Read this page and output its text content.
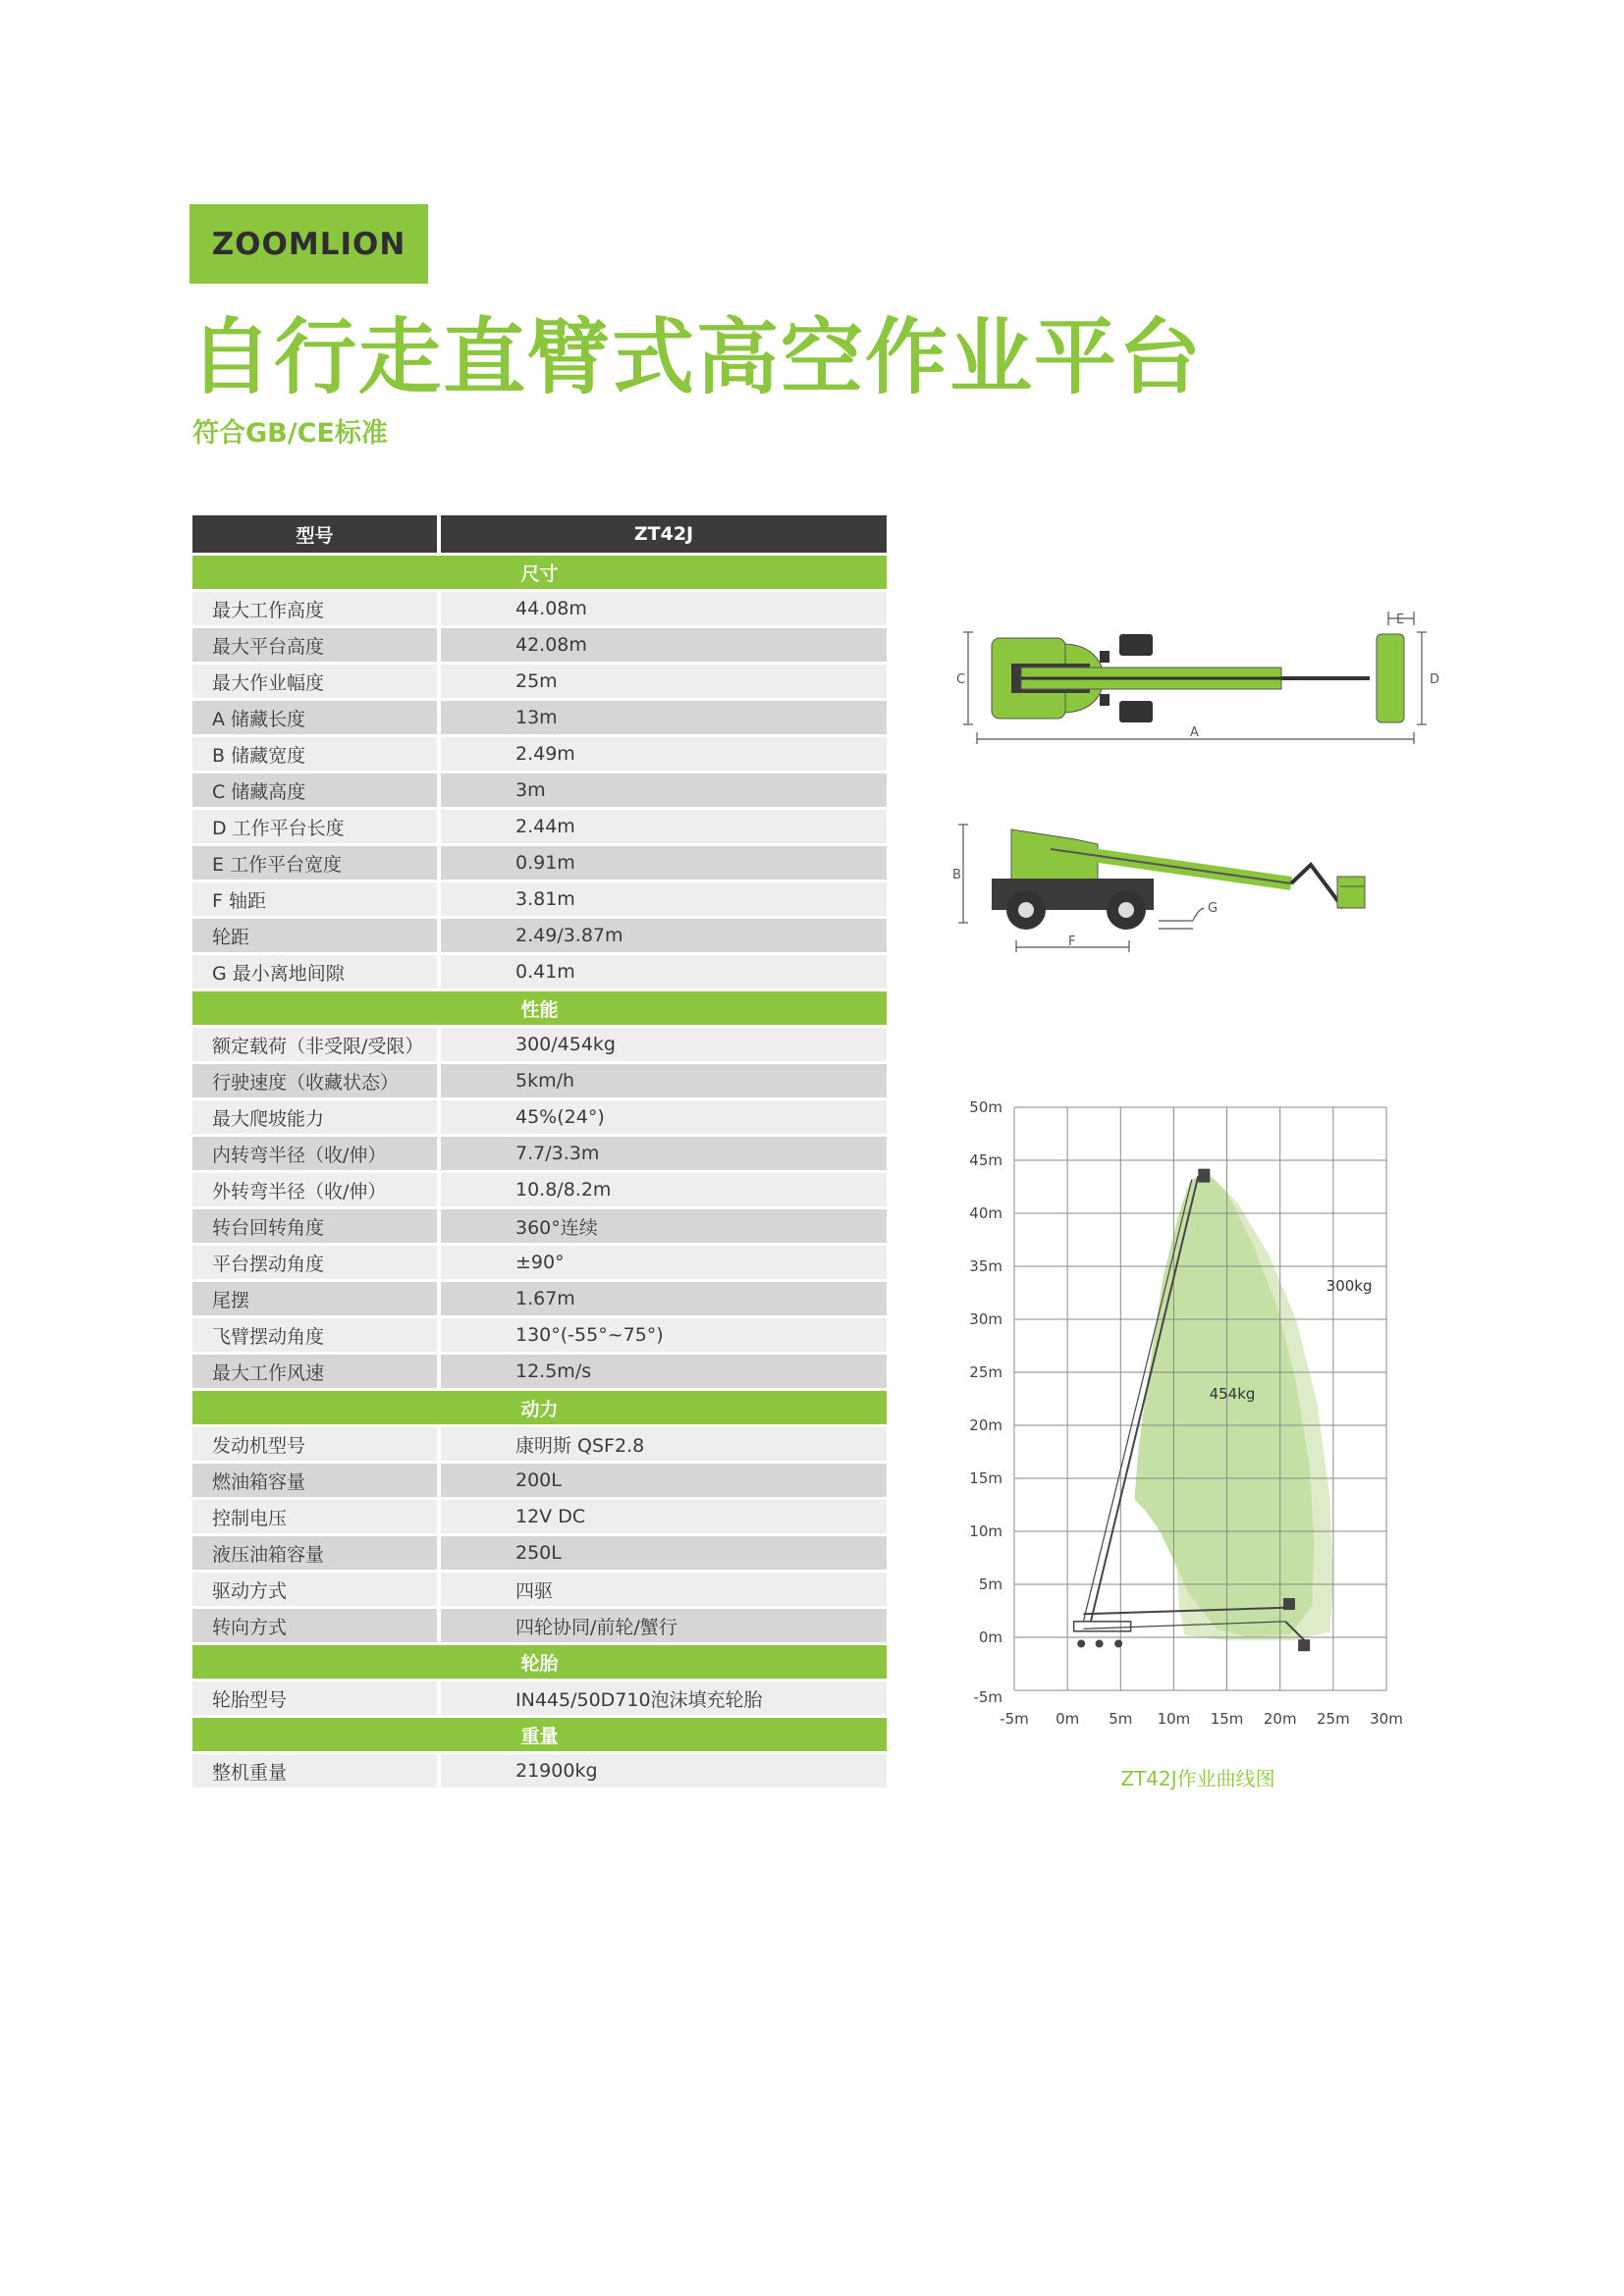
ZOOMLION
自行走直臂式高空作业平台
符合GB/CE标准
型号	ZT42J
尺寸	
最大工作高度	44.08m
最大平台高度	42.08m
最大作业幅度	25m
A 储藏长度	13m
B 储藏宽度	2.49m
C 储藏高度	3m
D 工作平台长度	2.44m
E 工作平台宽度	0.91m
F 轴距	3.81m
轮距	2.49/3.87m
G 最小离地间隙	0.41m
性能	
额定载荷（非受限/受限）	300/454kg
行驶速度（收藏状态）	5km/h
最大爬坡能力	45%(24°)
内转弯半径（收/伸）	7.7/3.3m
外转弯半径（收/伸）	10.8/8.2m
转台回转角度	360°连续
平台摆动角度	±90°
尾摆	1.67m
飞臂摆动角度	130°(-55°~75°)
最大工作风速	12.5m/s
动力	
发动机型号	康明斯 QSF2.8
燃油箱容量	200L
控制电压	12V DC
液压油箱容量	250L
驱动方式	四驱
转向方式	四轮协同/前轮/蟹行
轮胎	
轮胎型号	IN445/50D710泡沫填充轮胎
重量	
整机重量	21900kg
C
A
E
D
B
F
G
-5m
0m
5m
10m
15m
20m
25m
30m
35m
40m
45m
50m
-5m 0m 5m 10m 15m 20m 25m 30m
300kg
454kg
ZT42J作业曲线图
